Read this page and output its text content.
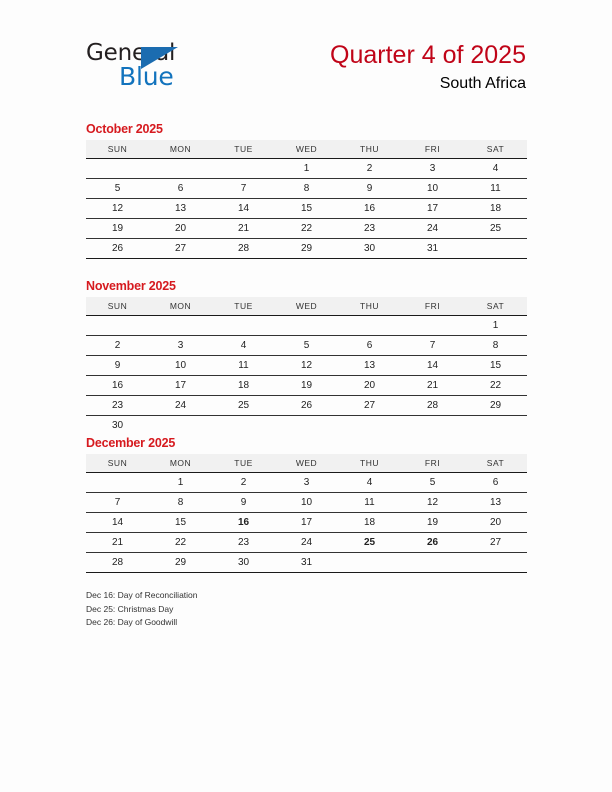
General
Blue
Quarter 4 of 2025
South Africa
October 2025
SUN	MON	TUE	WED	THU	FRI	SAT
			1	2	3	4
5	6	7	8	9	10	11
12	13	14	15	16	17	18
19	20	21	22	23	24	25
26	27	28	29	30	31	
November 2025
SUN	MON	TUE	WED	THU	FRI	SAT
						1
2	3	4	5	6	7	8
9	10	11	12	13	14	15
16	17	18	19	20	21	22
23	24	25	26	27	28	29
30						
December 2025
SUN	MON	TUE	WED	THU	FRI	SAT
	1	2	3	4	5	6
7	8	9	10	11	12	13
14	15	16	17	18	19	20
21	22	23	24	25	26	27
28	29	30	31			
Dec 16: Day of Reconciliation
Dec 25: Christmas Day
Dec 26: Day of Goodwill
